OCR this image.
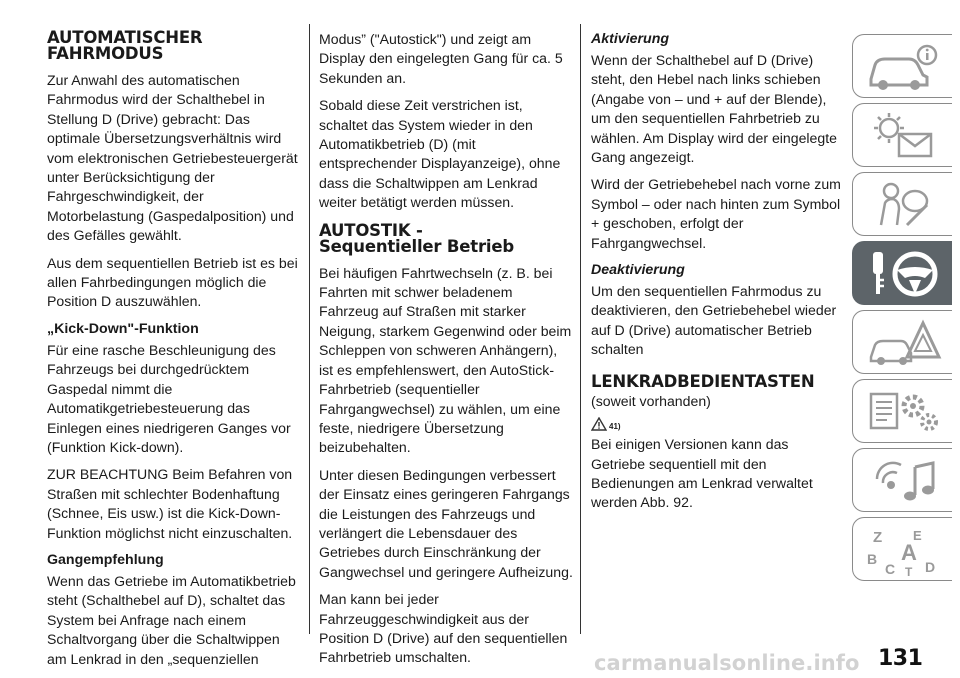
AUTOMATISCHER
FAHRMODUS

Zur Anwahl des automatischen Fahrmodus wird der Schalthebel in Stellung D (Drive) gebracht: Das optimale Übersetzungsverhältnis wird vom elektronischen Getriebesteuergerät unter Berücksichtigung der Fahrgeschwindigkeit, der Motorbelastung (Gaspedalposition) und des Gefälles gewählt.

Aus dem sequentiellen Betrieb ist es bei allen Fahrbedingungen möglich die Position D auszuwählen.

„Kick-Down"-Funktion

Für eine rasche Beschleunigung des Fahrzeugs bei durchgedrücktem Gaspedal nimmt die Automatikgetriebesteuerung das Einlegen eines niedrigeren Ganges vor (Funktion Kick-down).

ZUR BEACHTUNG Beim Befahren von Straßen mit schlechter Bodenhaftung (Schnee, Eis usw.) ist die Kick-Down-Funktion möglichst nicht einzuschalten.

Gangempfehlung

Wenn das Getriebe im Automatikbetrieb steht (Schalthebel auf D), schaltet das System bei Anfrage nach einem Schaltvorgang über die Schaltwippen am Lenkrad in den „sequenziellen

Modus” ("Autostick") und zeigt am Display den eingelegten Gang für ca. 5 Sekunden an.

Sobald diese Zeit verstrichen ist, schaltet das System wieder in den Automatikbetrieb (D) (mit entsprechender Displayanzeige), ohne dass die Schaltwippen am Lenkrad weiter betätigt werden müssen.

AUTOSTIK -
Sequentieller Betrieb

Bei häufigen Fahrtwechseln (z. B. bei Fahrten mit schwer beladenem Fahrzeug auf Straßen mit starker Neigung, starkem Gegenwind oder beim Schleppen von schweren Anhängern), ist es empfehlenswert, den AutoStick-Fahrbetrieb (sequentieller Fahrgangwechsel) zu wählen, um eine feste, niedrigere Übersetzung beizubehalten.

Unter diesen Bedingungen verbessert der Einsatz eines geringeren Fahrgangs die Leistungen des Fahrzeugs und verlängert die Lebensdauer des Getriebes durch Einschränkung der Gangwechsel und geringere Aufheizung.

Man kann bei jeder Fahrzeuggeschwindigkeit aus der Position D (Drive) auf den sequentiellen Fahrbetrieb umschalten.

Aktivierung

Wenn der Schalthebel auf D (Drive) steht, den Hebel nach links schieben (Angabe von – und + auf der Blende), um den sequentiellen Fahrbetrieb zu wählen. Am Display wird der eingelegte Gang angezeigt.

Wird der Getriebehebel nach vorne zum Symbol – oder nach hinten zum Symbol + geschoben, erfolgt der Fahrgangwechsel.

Deaktivierung

Um den sequentiellen Fahrmodus zu deaktivieren, den Getriebehebel wieder auf D (Drive) automatischer Betrieb schalten

LENKRADBEDIENTASTEN

(soweit vorhanden)

41)

Bei einigen Versionen kann das Getriebe sequentiell mit den Bedienungen am Lenkrad verwaltet werden Abb. 92.

Z E
B A
C T D
carmanualsonline.info 131
